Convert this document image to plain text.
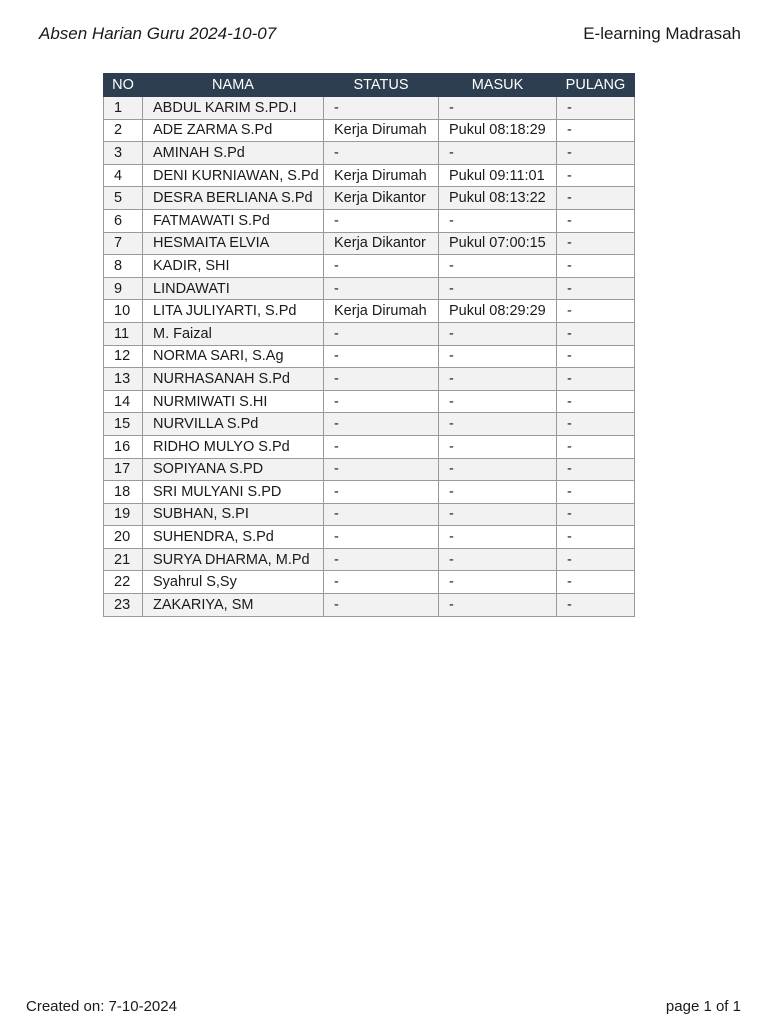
Absen Harian Guru 2024-10-07	E-learning Madrasah
NO	NAMA	STATUS	MASUK	PULANG
1	ABDUL KARIM S.PD.I	-	-	-
2	ADE ZARMA S.Pd	Kerja Dirumah	Pukul 08:18:29	-
3	AMINAH S.Pd	-	-	-
4	DENI KURNIAWAN, S.Pd	Kerja Dirumah	Pukul 09:11:01	-
5	DESRA BERLIANA S.Pd	Kerja Dikantor	Pukul 08:13:22	-
6	FATMAWATI S.Pd	-	-	-
7	HESMAITA ELVIA	Kerja Dikantor	Pukul 07:00:15	-
8	KADIR, SHI	-	-	-
9	LINDAWATI	-	-	-
10	LITA JULIYARTI, S.Pd	Kerja Dirumah	Pukul 08:29:29	-
11	M. Faizal	-	-	-
12	NORMA SARI, S.Ag	-	-	-
13	NURHASANAH S.Pd	-	-	-
14	NURMIWATI S.HI	-	-	-
15	NURVILLA S.Pd	-	-	-
16	RIDHO MULYO S.Pd	-	-	-
17	SOPIYANA S.PD	-	-	-
18	SRI MULYANI S.PD	-	-	-
19	SUBHAN, S.PI	-	-	-
20	SUHENDRA, S.Pd	-	-	-
21	SURYA DHARMA, M.Pd	-	-	-
22	Syahrul S,Sy	-	-	-
23	ZAKARIYA, SM	-	-	-
Created on: 7-10-2024	page 1 of 1
